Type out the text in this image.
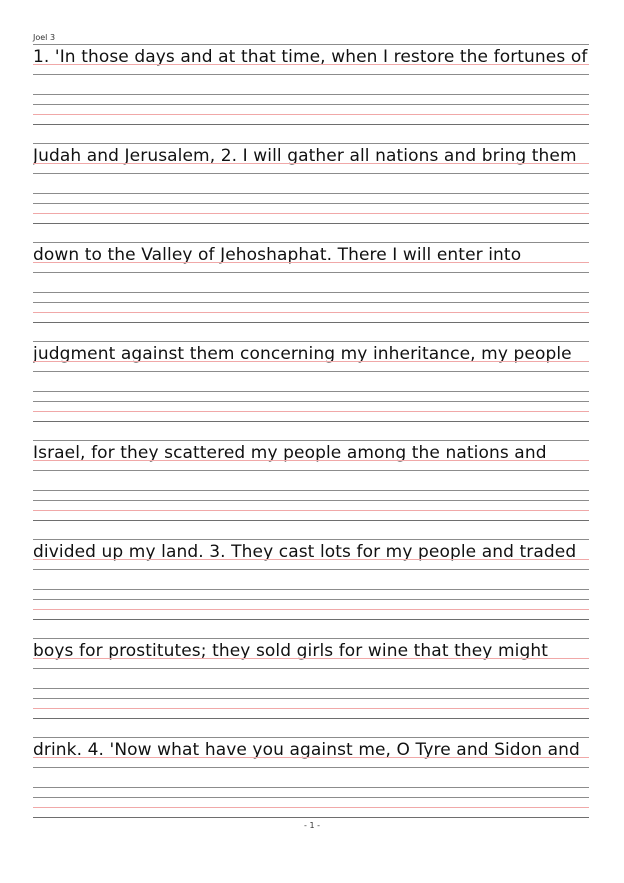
Joel 3
1. 'In those days and at that time, when I restore the fortunes of
Judah and Jerusalem, 2. I will gather all nations and bring them
down to the Valley of Jehoshaphat. There I will enter into
judgment against them concerning my inheritance, my people
Israel, for they scattered my people among the nations and
divided up my land. 3. They cast lots for my people and traded
boys for prostitutes; they sold girls for wine that they might
drink. 4. 'Now what have you against me, O Tyre and Sidon and
- 1 -
